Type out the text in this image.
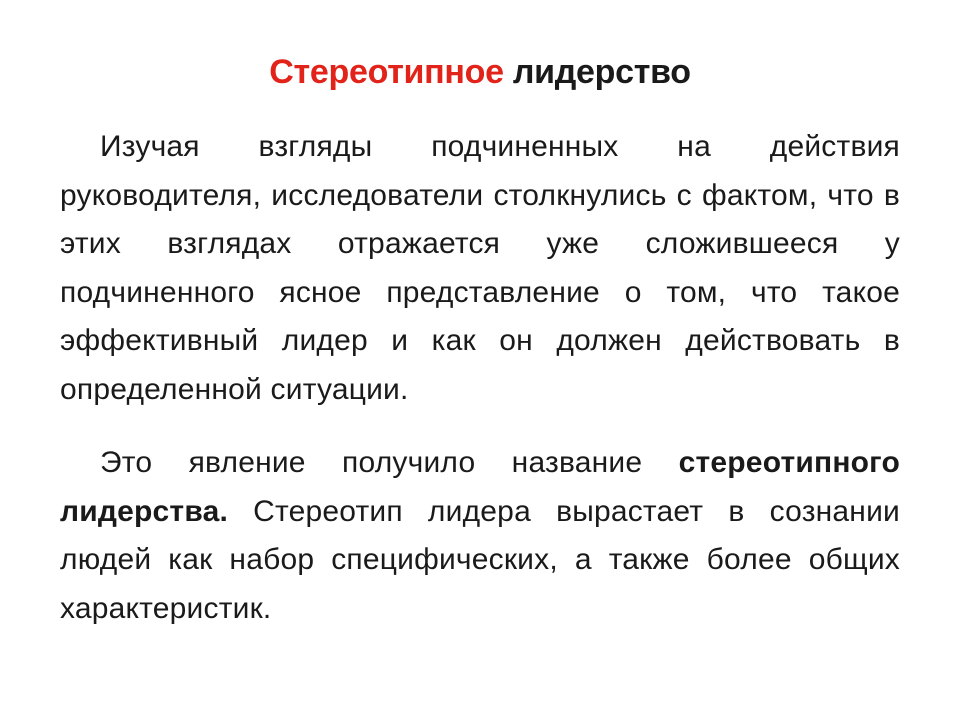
Стереотипное лидерство

Изучая взгляды подчиненных на действия руководителя, исследователи столкнулись с фактом, что в этих взглядах отражается уже сложившееся у подчиненного ясное представление о том, что такое эффективный лидер и как он должен действовать в определенной ситуации.

Это явление получило название стереотипного лидерства. Стереотип лидера вырастает в сознании людей как набор специфических, а также более общих характеристик.
